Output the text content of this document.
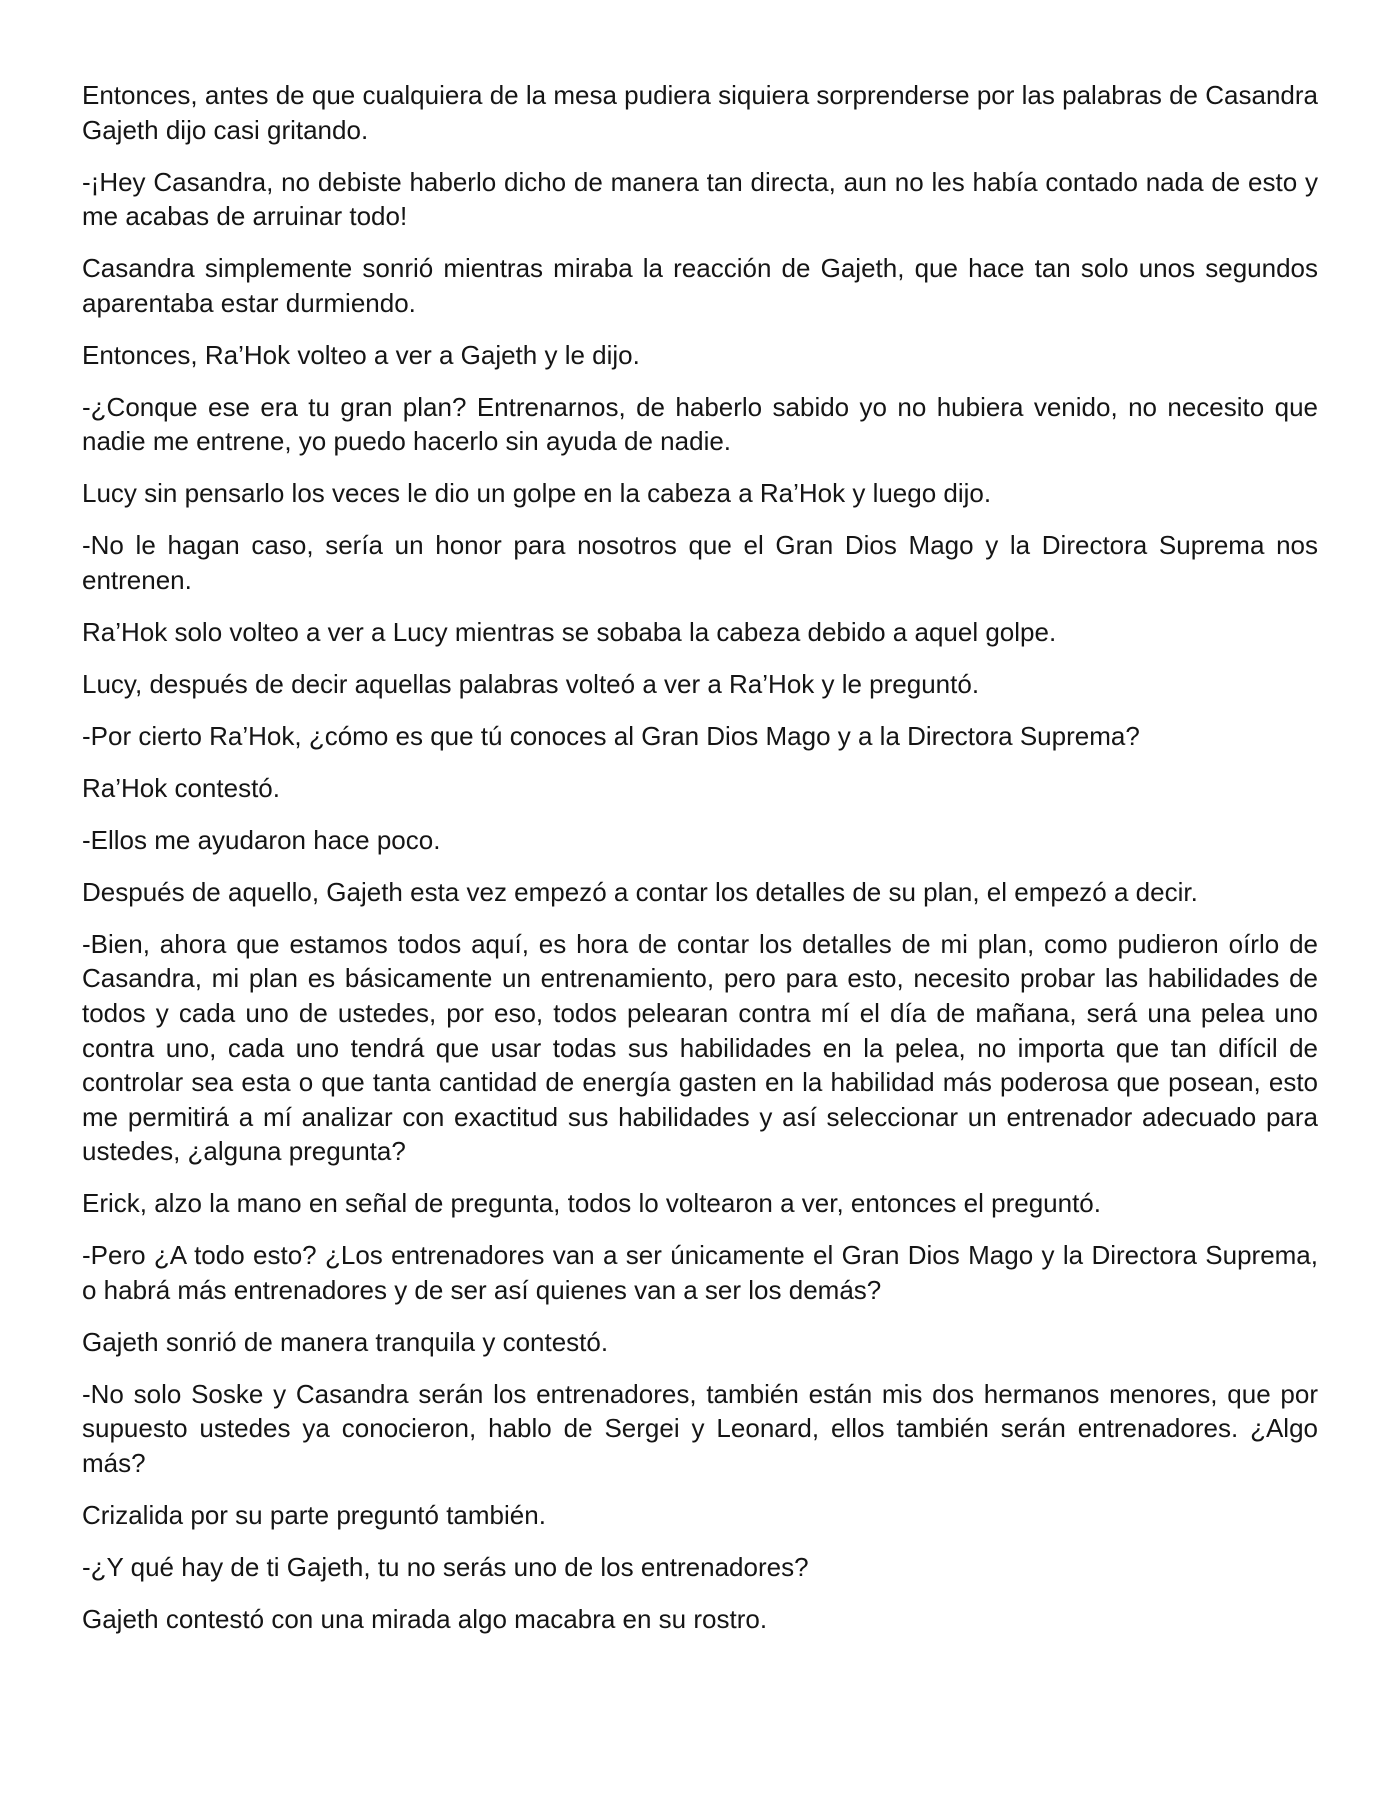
Entonces, antes de que cualquiera de la mesa pudiera siquiera sorprenderse por las palabras de Casandra Gajeth dijo casi gritando.

-¡Hey Casandra, no debiste haberlo dicho de manera tan directa, aun no les había contado nada de esto y me acabas de arruinar todo!

Casandra simplemente sonrió mientras miraba la reacción de Gajeth, que hace tan solo unos segundos aparentaba estar durmiendo.

Entonces, Ra’Hok volteo a ver a Gajeth y le dijo.

-¿Conque ese era tu gran plan? Entrenarnos, de haberlo sabido yo no hubiera venido, no necesito que nadie me entrene, yo puedo hacerlo sin ayuda de nadie.

Lucy sin pensarlo los veces le dio un golpe en la cabeza a Ra’Hok y luego dijo.

-No le hagan caso, sería un honor para nosotros que el Gran Dios Mago y la Directora Suprema nos entrenen.

Ra’Hok solo volteo a ver a Lucy mientras se sobaba la cabeza debido a aquel golpe.

Lucy, después de decir aquellas palabras volteó a ver a Ra’Hok y le preguntó.

-Por cierto Ra’Hok, ¿cómo es que tú conoces al Gran Dios Mago y a la Directora Suprema?

Ra’Hok contestó.

-Ellos me ayudaron hace poco.

Después de aquello, Gajeth esta vez empezó a contar los detalles de su plan, el empezó a decir.

-Bien, ahora que estamos todos aquí, es hora de contar los detalles de mi plan, como pudieron oírlo de Casandra, mi plan es básicamente un entrenamiento, pero para esto, necesito probar las habilidades de todos y cada uno de ustedes, por eso, todos pelearan contra mí el día de mañana, será una pelea uno contra uno, cada uno tendrá que usar todas sus habilidades en la pelea, no importa que tan difícil de controlar sea esta o que tanta cantidad de energía gasten en la habilidad más poderosa que posean, esto me permitirá a mí analizar con exactitud sus habilidades y así seleccionar un entrenador adecuado para ustedes, ¿alguna pregunta?

Erick, alzo la mano en señal de pregunta, todos lo voltearon a ver, entonces el preguntó.

-Pero ¿A todo esto? ¿Los entrenadores van a ser únicamente el Gran Dios Mago y la Directora Suprema, o habrá más entrenadores y de ser así quienes van a ser los demás?

Gajeth sonrió de manera tranquila y contestó.

-No solo Soske y Casandra serán los entrenadores, también están mis dos hermanos menores, que por supuesto ustedes ya conocieron, hablo de Sergei y Leonard, ellos también serán entrenadores. ¿Algo más?

Crizalida por su parte preguntó también.

-¿Y qué hay de ti Gajeth, tu no serás uno de los entrenadores?

Gajeth contestó con una mirada algo macabra en su rostro.
